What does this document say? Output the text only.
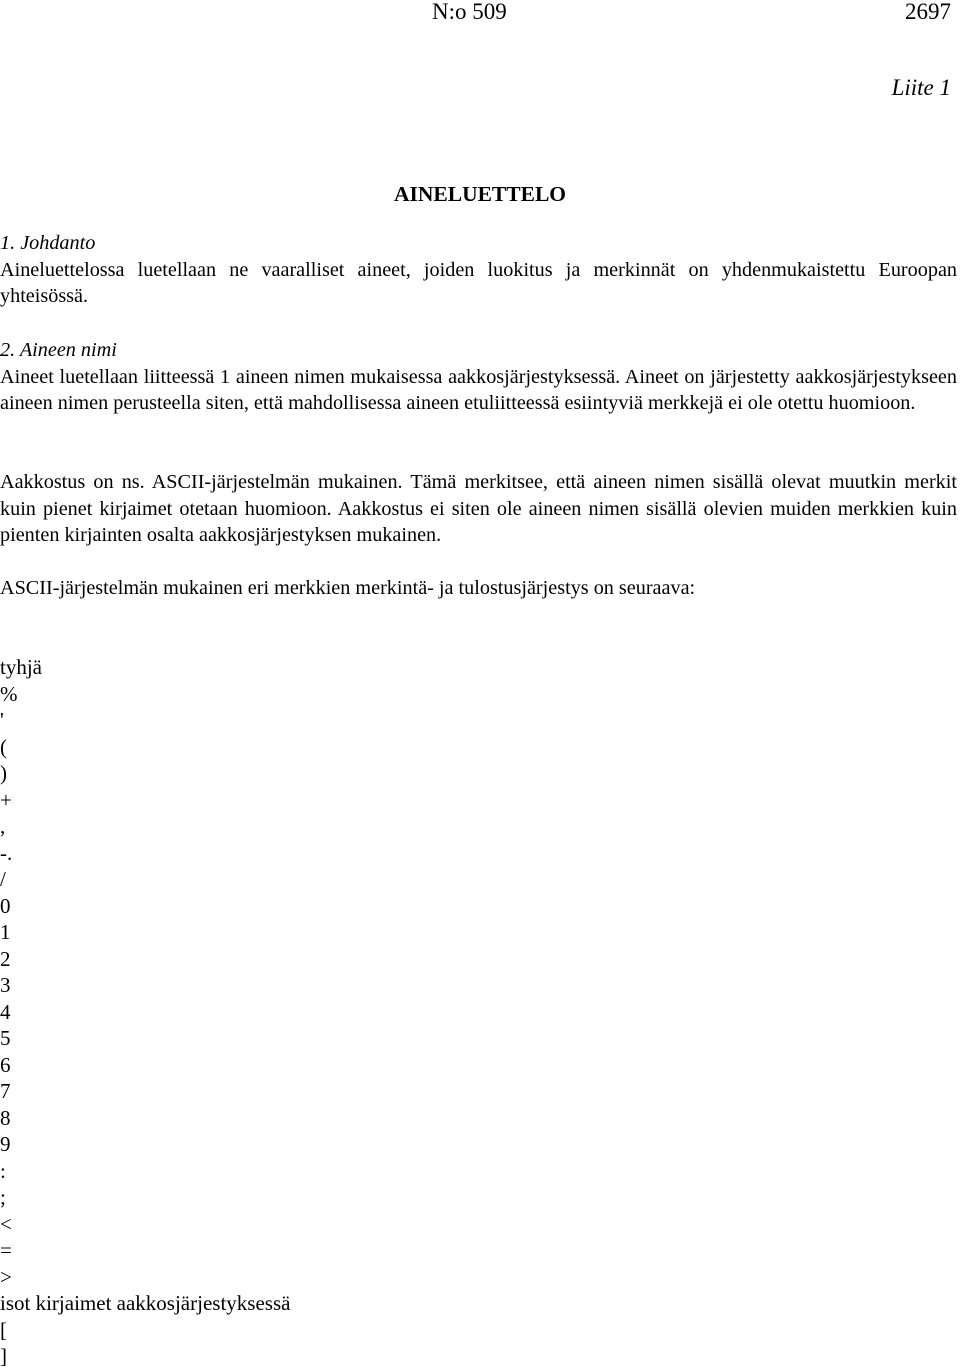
N:o 509	2697
Liite 1
AINELUETTELO

1. Johdanto

Aineluettelossa luetellaan ne vaaralliset aineet, joiden luokitus ja merkinnät on yhdenmukaistettu Euroopan yhteisössä.

2. Aineen nimi

Aineet luetellaan liitteessä 1 aineen nimen mukaisessa aakkosjärjestyksessä. Aineet on järjestetty aakkosjärjestykseen aineen nimen perusteella siten, että mahdollisessa aineen etuliitteessä esiintyviä merkkejä ei ole otettu huomioon.

Aakkostus on ns. ASCII-järjestelmän mukainen. Tämä merkitsee, että aineen nimen sisällä olevat muutkin merkit kuin pienet kirjaimet otetaan huomioon. Aakkostus ei siten ole aineen nimen sisällä olevien muiden merkkien kuin pienten kirjainten osalta aakkosjärjestyksen mukainen.

ASCII-järjestelmän mukainen eri merkkien merkintä- ja tulostusjärjestys on seuraava:

tyhjä
%
'
(
)
+
,
-.
/
0
1
2
3
4
5
6
7
8
9
:
;
<
=
>
isot kirjaimet aakkosjärjestyksessä
[
]
